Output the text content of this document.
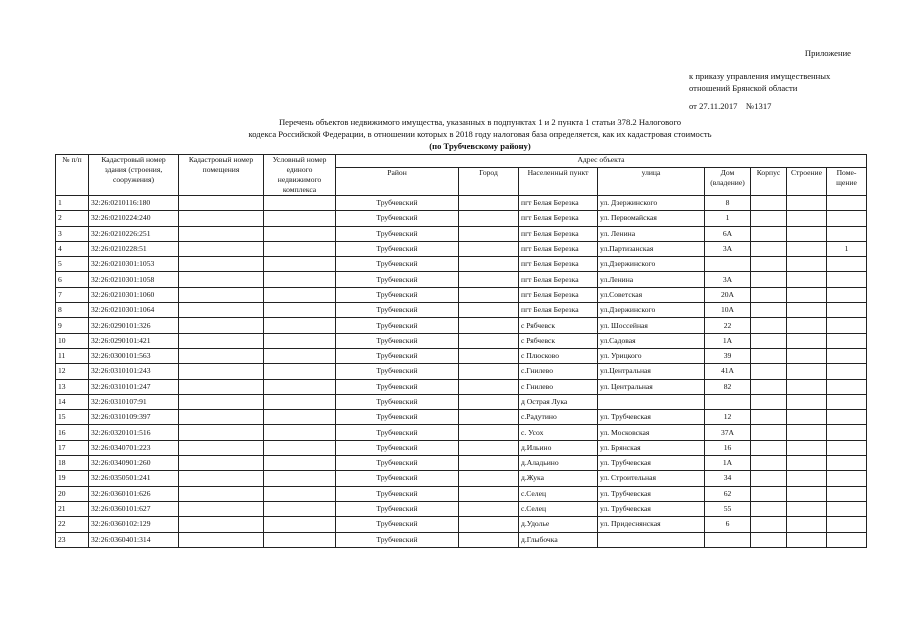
Приложение
к приказу управления имущественных отношений Брянской области
от 27.11.2017    №1317
Перечень объектов недвижимого имущества, указанных в подпунктах 1 и 2 пункта 1 статьи 378.2 Налогового
кодекса Российской Федерации, в отношении которых в 2018 году налоговая база определяется, как их кадастровая стоимость
(по Трубчевскому району)
№ п/п	Кадастровый номер здания (строения, сооружения)	Кадастровый номер помещения	Условный номер единого недвижимого комплекса	Адрес объекта							
				Район	Город	Населенный пункт	улица	Дом (владение)	Корпус	Строение	Поме-щение
1	32:26:0210116:180			Трубчевский		пгт Белая Березка	ул. Дзержинского	8			
2	32:26:0210224:240			Трубчевский		пгт Белая Березка	ул. Первомайская	1			
3	32:26:0210226:251			Трубчевский		пгт Белая Березка	ул. Ленина	6А			
4	32:26:0210228:51			Трубчевский		пгт Белая Березка	ул.Партизанская	3А			1
5	32:26:0210301:1053			Трубчевский		пгт Белая Березка	ул.Дзержинского				
6	32:26:0210301:1058			Трубчевский		пгт Белая Березка	ул.Ленина	3А			
7	32:26:0210301:1060			Трубчевский		пгт Белая Березка	ул.Советская	20А			
8	32:26:0210301:1064			Трубчевский		пгт Белая Березка	ул.Дзержинского	10А			
9	32:26:0290101:326			Трубчевский		с Рябчевск	ул. Шоссейная	22			
10	32:26:0290101:421			Трубчевский		с Рябчевск	ул.Садовая	1А			
11	32:26:0300101:563			Трубчевский		с Плюсково	ул. Урицкого	39			
12	32:26:0310101:243			Трубчевский		с.Гнилево	ул.Центральная	41А			
13	32:26:0310101:247			Трубчевский		с Гнилево	ул. Центральная	82			
14	32:26:0310107:91			Трубчевский		д Острая Лука					
15	32:26:0310109:397			Трубчевский		с.Радутино	ул. Трубчевская	12			
16	32:26:0320101:516			Трубчевский		с. Усох	ул. Московская	37А			
17	32:26:0340701:223			Трубчевский		д.Ильино	ул. Брянская	16			
18	32:26:0340901:260			Трубчевский		д.Аладьино	ул. Трубчевская	1А			
19	32:26:0350501:241			Трубчевский		д.Жука	ул. Строительная	34			
20	32:26:0360101:626			Трубчевский		с.Селец	ул. Трубчевская	62			
21	32:26:0360101:627			Трубчевский		с.Селец	ул. Трубчевская	55			
22	32:26:0360102:129			Трубчевский		д.Удолье	ул. Придеснянская	6			
23	32:26:0360401:314			Трубчевский		д.Глыбочка					
